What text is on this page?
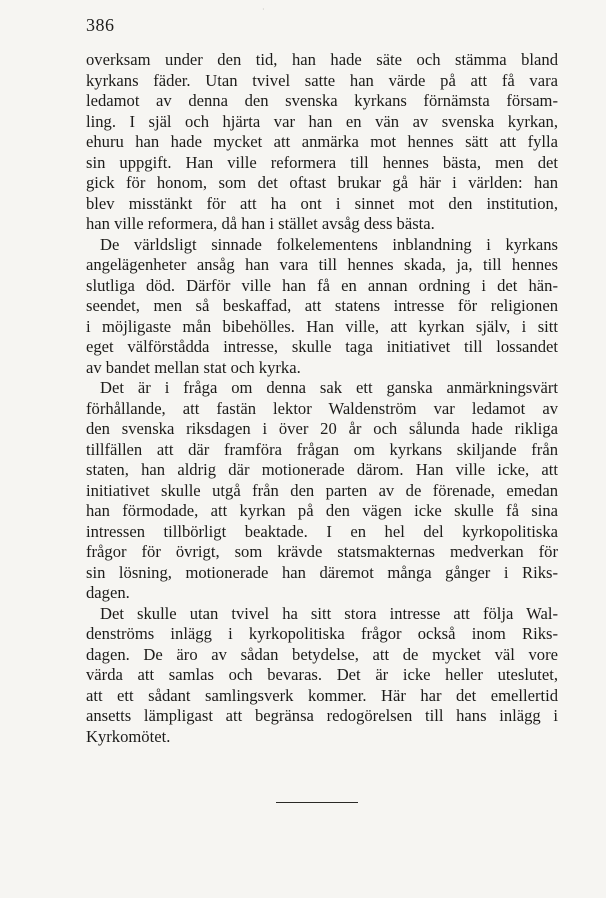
·
386
overksam under den tid, han hade säte och stämma bland
kyrkans fäder. Utan tvivel satte han värde på att få vara
ledamot av denna den svenska kyrkans förnämsta försam-
ling. I själ och hjärta var han en vän av svenska kyrkan,
ehuru han hade mycket att anmärka mot hennes sätt att fylla
sin uppgift. Han ville reformera till hennes bästa, men det
gick för honom, som det oftast brukar gå här i världen: han
blev misstänkt för att ha ont i sinnet mot den institution,
han ville reformera, då han i stället avsåg dess bästa.
De världsligt sinnade folkelementens inblandning i kyrkans
angelägenheter ansåg han vara till hennes skada, ja, till hennes
slutliga död. Därför ville han få en annan ordning i det hän-
seendet, men så beskaffad, att statens intresse för religionen
i möjligaste mån bibehölles. Han ville, att kyrkan själv, i sitt
eget välförstådda intresse, skulle taga initiativet till lossandet
av bandet mellan stat och kyrka.
Det är i fråga om denna sak ett ganska anmärkningsvärt
förhållande, att fastän lektor Waldenström var ledamot av
den svenska riksdagen i över 20 år och sålunda hade rikliga
tillfällen att där framföra frågan om kyrkans skiljande från
staten, han aldrig där motionerade därom. Han ville icke, att
initiativet skulle utgå från den parten av de förenade, emedan
han förmodade, att kyrkan på den vägen icke skulle få sina
intressen tillbörligt beaktade. I en hel del kyrkopolitiska
frågor för övrigt, som krävde statsmakternas medverkan för
sin lösning, motionerade han däremot många gånger i Riks-
dagen.
Det skulle utan tvivel ha sitt stora intresse att följa Wal-
denströms inlägg i kyrkopolitiska frågor också inom Riks-
dagen. De äro av sådan betydelse, att de mycket väl vore
värda att samlas och bevaras. Det är icke heller uteslutet,
att ett sådant samlingsverk kommer. Här har det emellertid
ansetts lämpligast att begränsa redogörelsen till hans inlägg i
Kyrkomötet.
